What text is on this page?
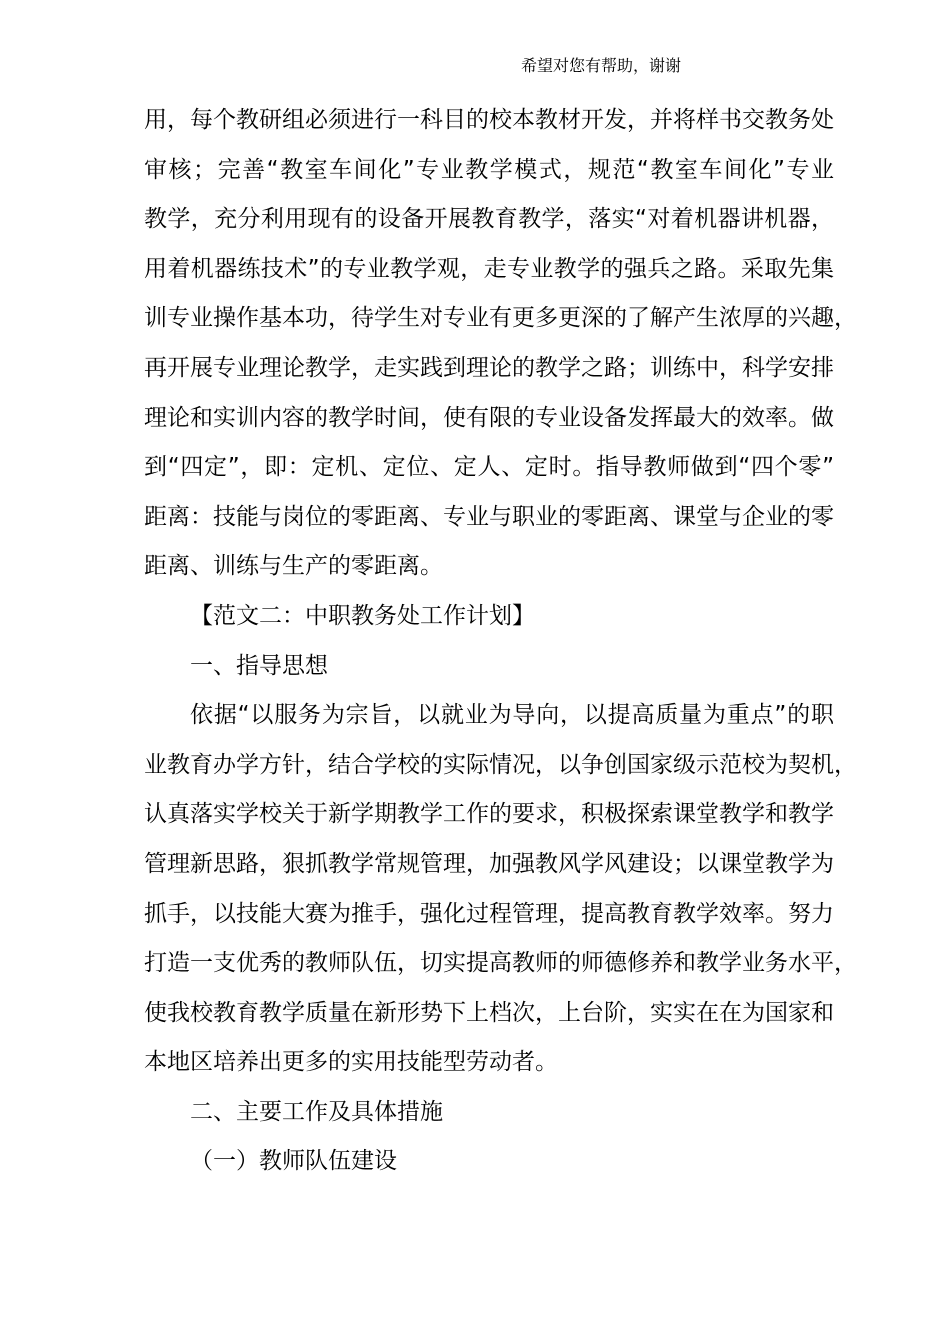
希望对您有帮助，谢谢
用，每个教研组必须进行一科目的校本教材开发，并将样书交教务处
审核；完善“教室车间化”专业教学模式，规范“教室车间化”专业
教学，充分利用现有的设备开展教育教学，落实“对着机器讲机器，
用着机器练技术”的专业教学观，走专业教学的强兵之路。采取先集
训专业操作基本功，待学生对专业有更多更深的了解产生浓厚的兴趣，
再开展专业理论教学，走实践到理论的教学之路；训练中，科学安排
理论和实训内容的教学时间，使有限的专业设备发挥最大的效率。做
到“四定”，即：定机、定位、定人、定时。指导教师做到“四个零”
距离：技能与岗位的零距离、专业与职业的零距离、课堂与企业的零
距离、训练与生产的零距离。
【范文二：中职教务处工作计划】
一、指导思想
依据“以服务为宗旨，以就业为导向，以提高质量为重点”的职
业教育办学方针，结合学校的实际情况，以争创国家级示范校为契机，
认真落实学校关于新学期教学工作的要求，积极探索课堂教学和教学
管理新思路，狠抓教学常规管理，加强教风学风建设；以课堂教学为
抓手，以技能大赛为推手，强化过程管理，提高教育教学效率。努力
打造一支优秀的教师队伍，切实提高教师的师德修养和教学业务水平，
使我校教育教学质量在新形势下上档次，上台阶，实实在在为国家和
本地区培养出更多的实用技能型劳动者。
二、主要工作及具体措施
（一）教师队伍建设
